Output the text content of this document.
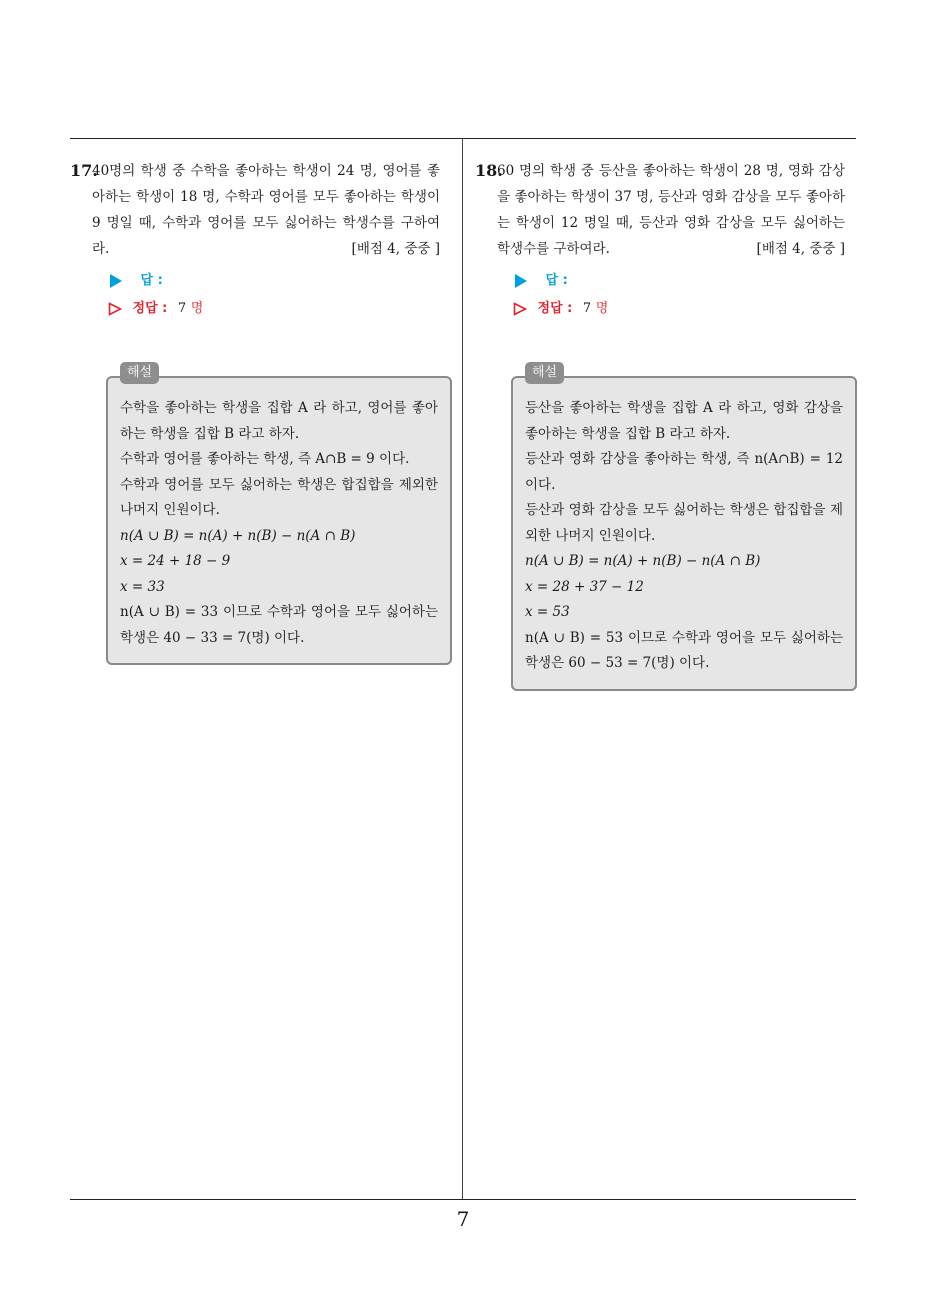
17.
40명의 학생 중 수학을 좋아하는 학생이 24 명, 영어를 좋아하는 학생이 18 명, 수학과 영어를 모두 좋아하는 학생이 9 명일 때, 수학과 영어를 모두 싫어하는 학생수를 구하여라.	[배점 4, 중중 ]
답 :
정답 : 7 명
해설

수학을 좋아하는 학생을 집합 A 라 하고, 영어를 좋아하는 학생을 집합 B 라고 하자.

수학과 영어를 좋아하는 학생, 즉 A∩B = 9 이다.

수학과 영어를 모두 싫어하는 학생은 합집합을 제외한 나머지 인원이다.

n(A ∪ B) = n(A) + n(B) − n(A ∩ B)

x = 24 + 18 − 9

x = 33

n(A ∪ B) = 33 이므로 수학과 영어을 모두 싫어하는 학생은 40 − 33 = 7(명) 이다.

18.
60 명의 학생 중 등산을 좋아하는 학생이 28 명, 영화 감상을 좋아하는 학생이 37 명, 등산과 영화 감상을 모두 좋아하는 학생이 12 명일 때, 등산과 영화 감상을 모두 싫어하는 학생수를 구하여라.	[배점 4, 중중 ]
답 :
정답 : 7 명
해설

등산을 좋아하는 학생을 집합 A 라 하고, 영화 감상을 좋아하는 학생을 집합 B 라고 하자.

등산과 영화 감상을 좋아하는 학생, 즉 n(A∩B) = 12 이다.

등산과 영화 감상을 모두 싫어하는 학생은 합집합을 제외한 나머지 인원이다.

n(A ∪ B) = n(A) + n(B) − n(A ∩ B)

x = 28 + 37 − 12

x = 53

n(A ∪ B) = 53 이므로 수학과 영어을 모두 싫어하는 학생은 60 − 53 = 7(명) 이다.

7
